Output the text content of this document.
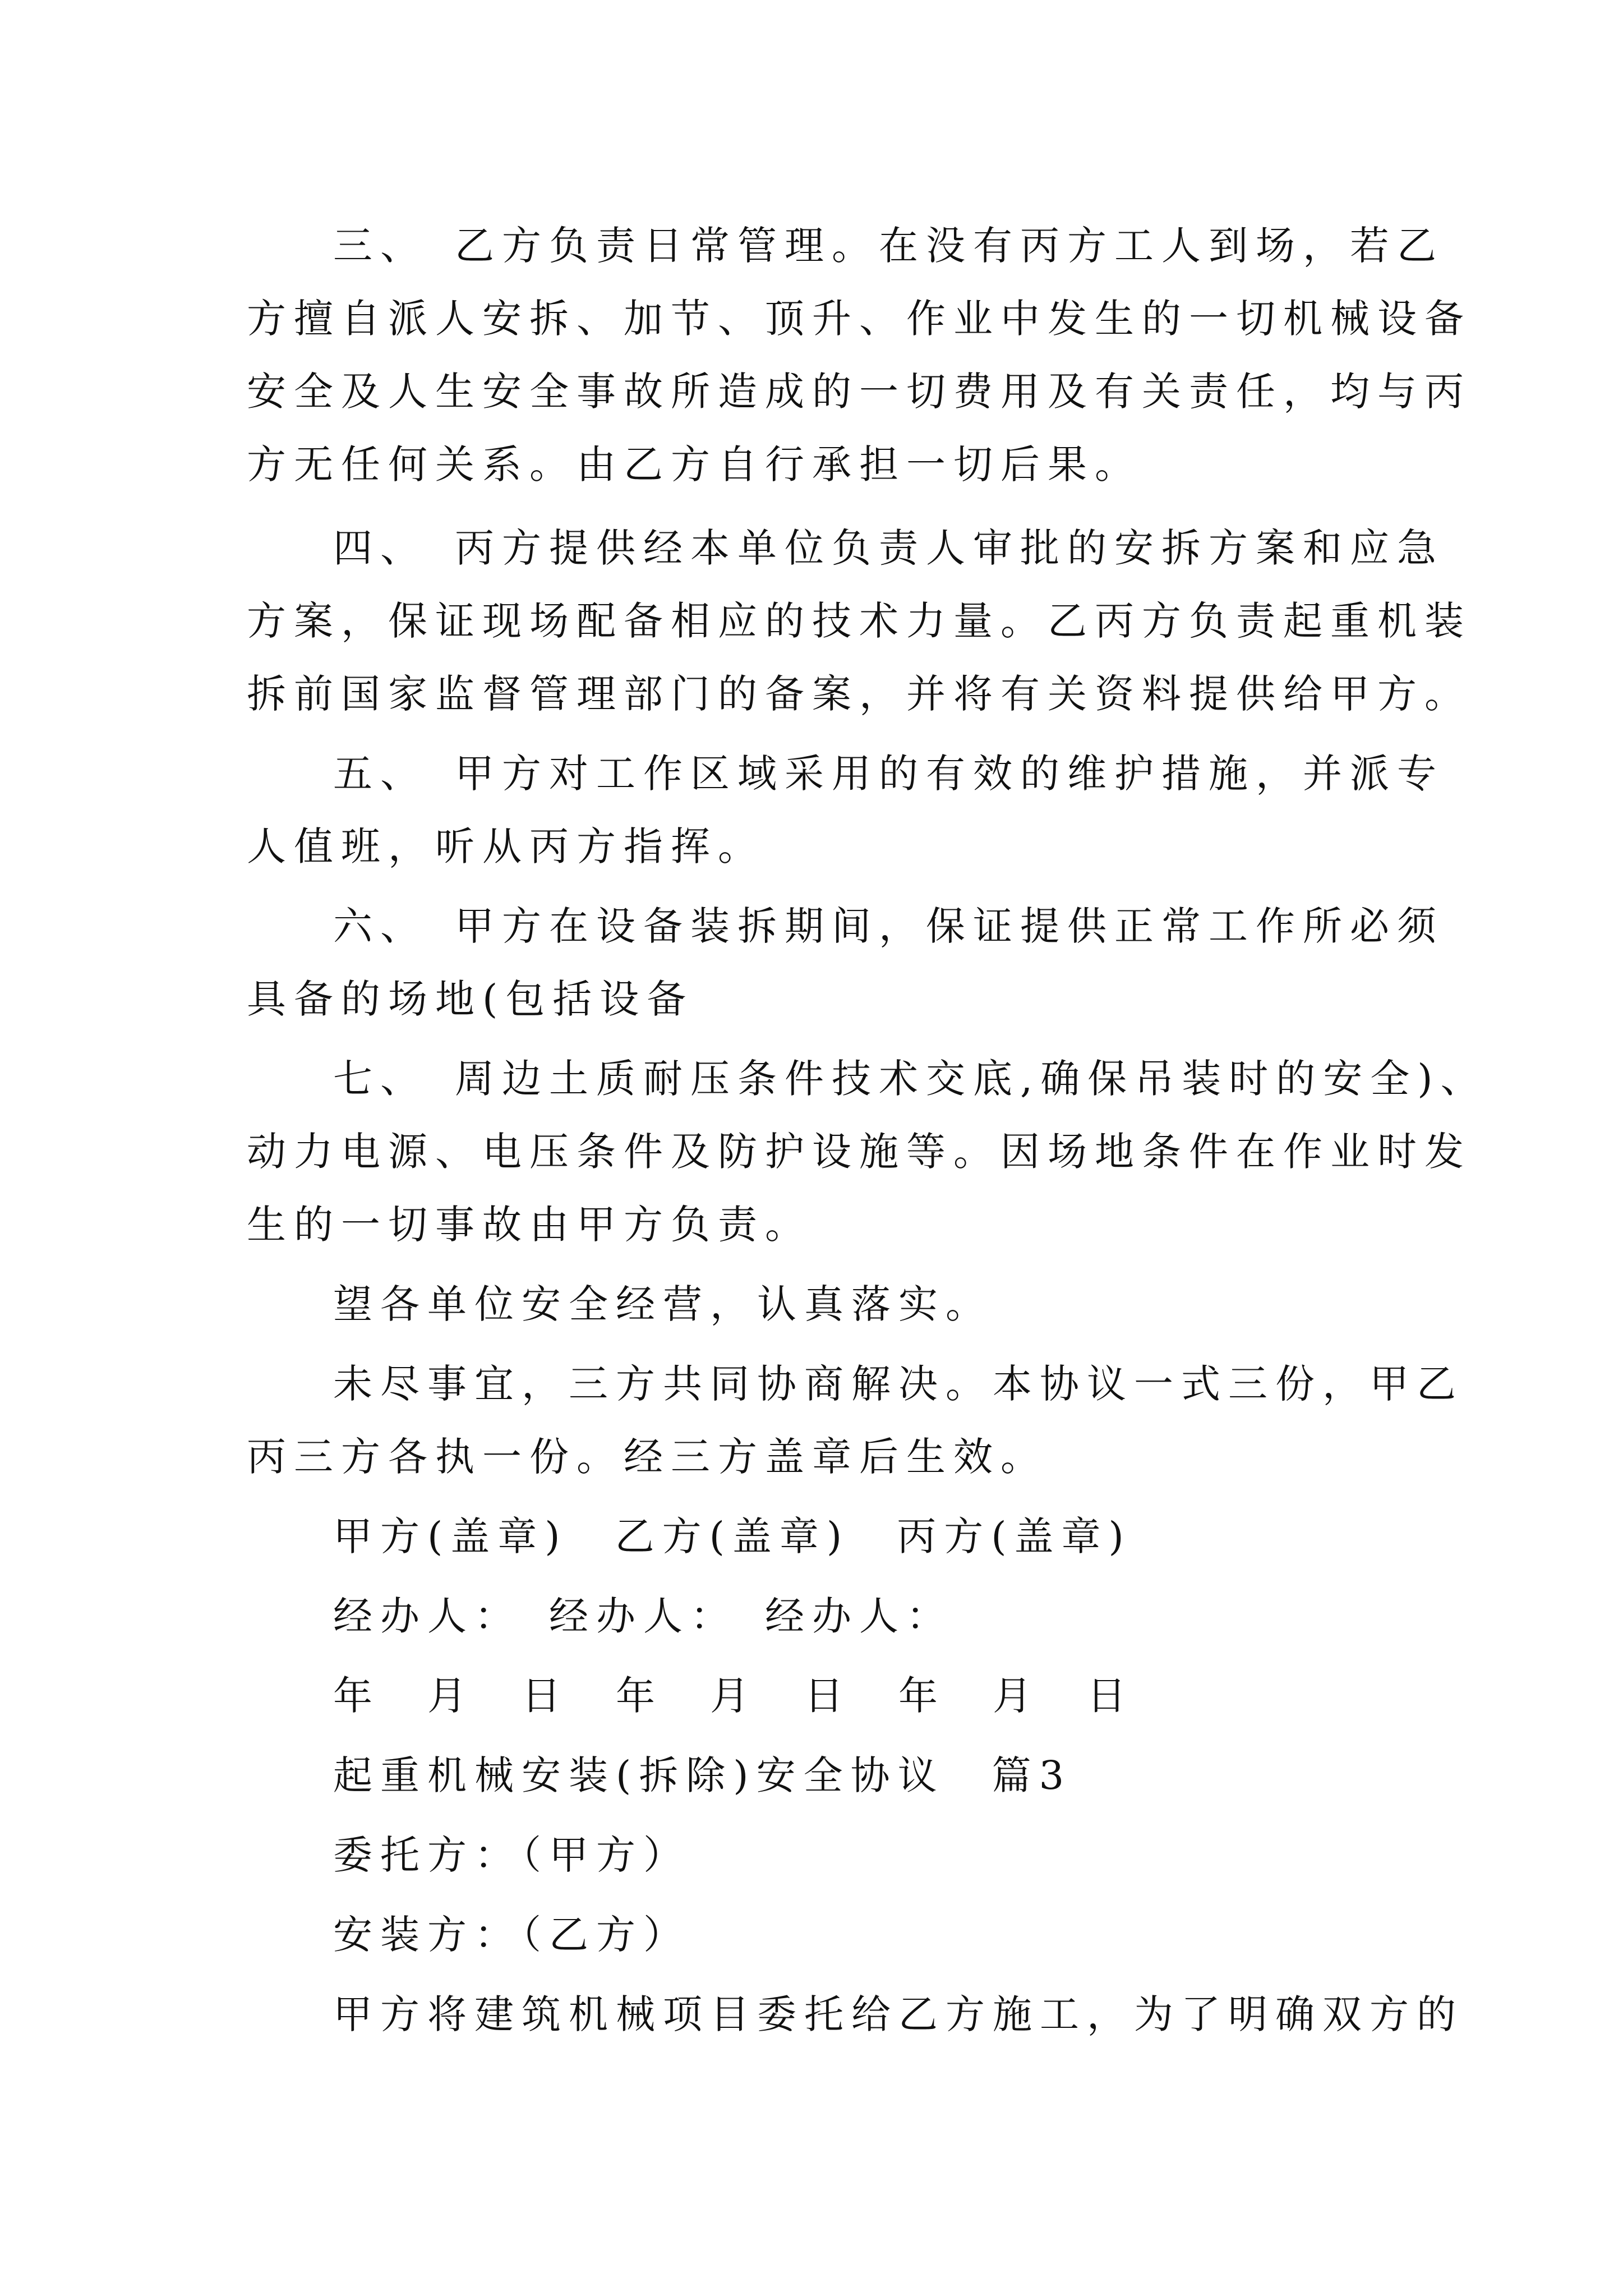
三、　乙方负责日常管理。在没有丙方工人到场，若乙
方擅自派人安拆、加节、顶升、作业中发生的一切机械设备
安全及人生安全事故所造成的一切费用及有关责任，均与丙
方无任何关系。由乙方自行承担一切后果。
四、　丙方提供经本单位负责人审批的安拆方案和应急
方案，保证现场配备相应的技术力量。乙丙方负责起重机装
拆前国家监督管理部门的备案，并将有关资料提供给甲方。
五、　甲方对工作区域采用的有效的维护措施，并派专
人值班，听从丙方指挥。
六、　甲方在设备装拆期间，保证提供正常工作所必须
具备的场地(包括设备
七、　周边土质耐压条件技术交底,确保吊装时的安全)、
动力电源、电压条件及防护设施等。因场地条件在作业时发
生的一切事故由甲方负责。
望各单位安全经营，认真落实。
未尽事宜，三方共同协商解决。本协议一式三份，甲乙
丙三方各执一份。经三方盖章后生效。
甲方(盖章)　乙方(盖章)　丙方(盖章)
经办人：　经办人：　经办人：
年　月　日　年　月　日　年　月　日
起重机械安装(拆除)安全协议　篇3
委托方：（甲方）
安装方：（乙方）
甲方将建筑机械项目委托给乙方施工，为了明确双方的
